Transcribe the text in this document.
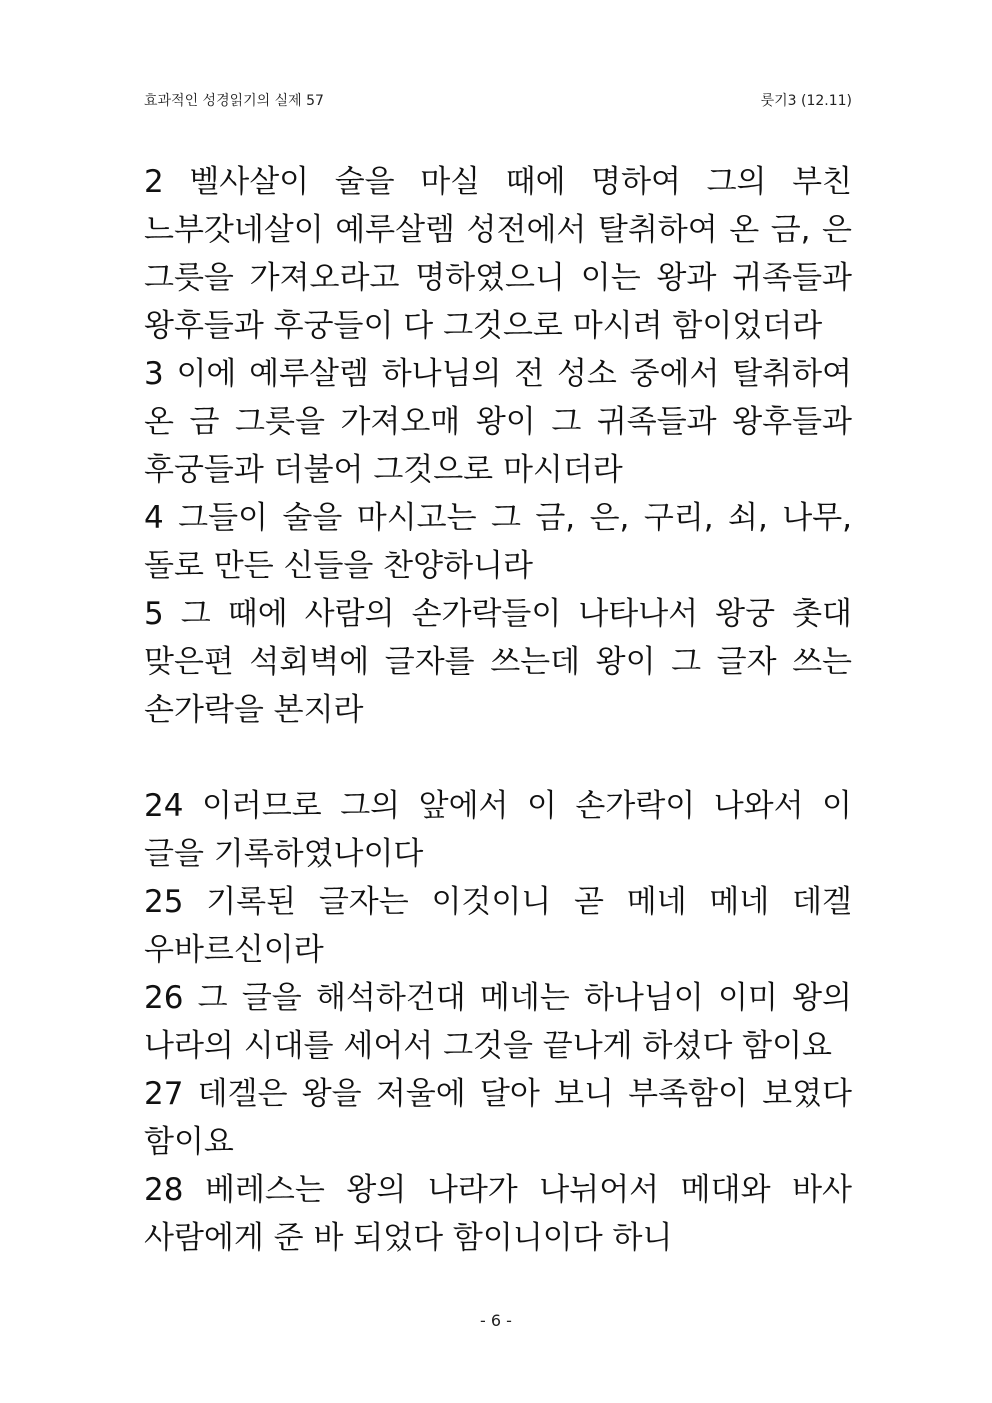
효과적인 성경읽기의 실제 57	룻기3 (12.11)

2 벨사살이 술을 마실 때에 명하여 그의 부친 느부갓네살이 예루살렘 성전에서 탈취하여 온 금, 은 그릇을 가져오라고 명하였으니 이는 왕과 귀족들과 왕후들과 후궁들이 다 그것으로 마시려 함이었더라

3 이에 예루살렘 하나님의 전 성소 중에서 탈취하여 온 금 그릇을 가져오매 왕이 그 귀족들과 왕후들과 후궁들과 더불어 그것으로 마시더라

4 그들이 술을 마시고는 그 금, 은, 구리, 쇠, 나무, 돌로 만든 신들을 찬양하니라

5 그 때에 사람의 손가락들이 나타나서 왕궁 촛대 맞은편 석회벽에 글자를 쓰는데 왕이 그 글자 쓰는 손가락을 본지라

24 이러므로 그의 앞에서 이 손가락이 나와서 이 글을 기록하였나이다

25 기록된 글자는 이것이니 곧 메네 메네 데겔 우바르신이라

26 그 글을 해석하건대 메네는 하나님이 이미 왕의 나라의 시대를 세어서 그것을 끝나게 하셨다 함이요

27 데겔은 왕을 저울에 달아 보니 부족함이 보였다 함이요

28 베레스는 왕의 나라가 나뉘어서 메대와 바사 사람에게 준 바 되었다 함이니이다 하니

- 6 -
